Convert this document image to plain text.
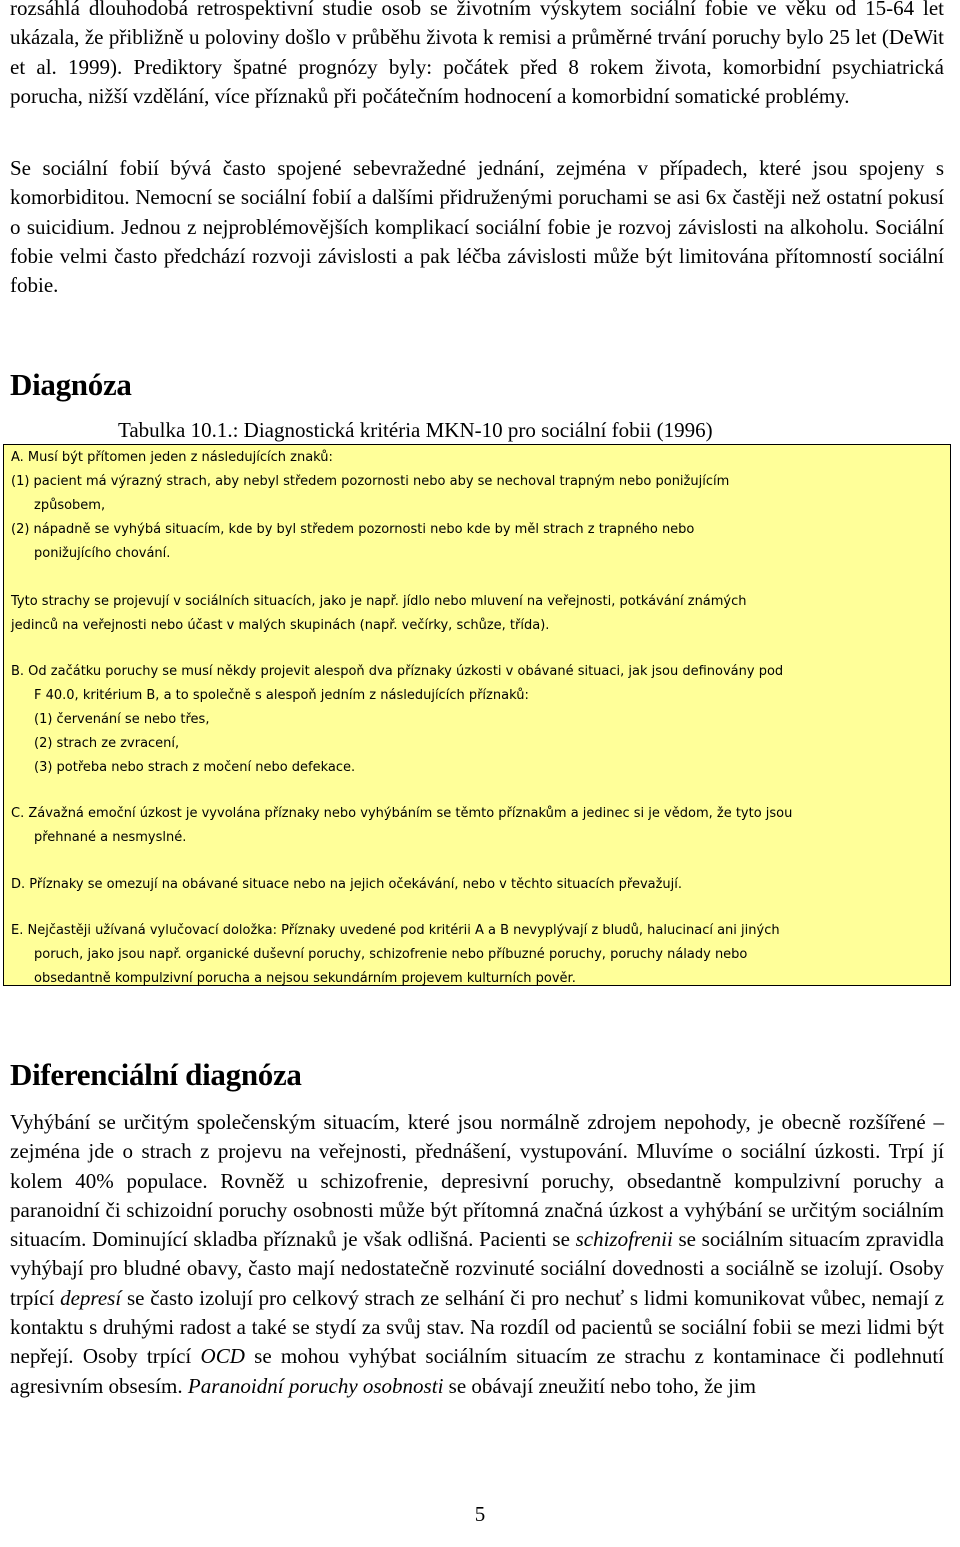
rozsáhlá dlouhodobá retrospektivní studie osob se životním výskytem sociální fobie ve věku od 15-64 let ukázala, že přibližně u poloviny došlo v průběhu života k remisi a průměrné trvání poruchy bylo 25 let (DeWit et al. 1999). Prediktory špatné prognózy byly: počátek před 8 rokem života, komorbidní psychiatrická porucha, nižší vzdělání, více příznaků při počátečním hodnocení a komorbidní somatické problémy.

Se sociální fobií bývá často spojené sebevražedné jednání, zejména v případech, které jsou spojeny s komorbiditou. Nemocní se sociální fobií a dalšími přidruženými poruchami se asi 6x častěji než ostatní pokusí o suicidium. Jednou z nejproblémovějších komplikací sociální fobie je rozvoj závislosti na alkoholu. Sociální fobie velmi často předchází rozvoji závislosti a pak léčba závislosti může být limitována přítomností sociální fobie.

Diagnóza

Tabulka 10.1.: Diagnostická kritéria MKN-10 pro sociální fobii (1996)

A. Musí být přítomen jeden z následujících znaků:
(1) pacient má výrazný strach, aby nebyl středem pozornosti nebo aby se nechoval trapným nebo ponižujícím
způsobem,
(2) nápadně se vyhýbá situacím, kde by byl středem pozornosti nebo kde by měl strach z trapného nebo
ponižujícího chování.
Tyto strachy se projevují v sociálních situacích, jako je např. jídlo nebo mluvení na veřejnosti, potkávání známých
jedinců na veřejnosti nebo účast v malých skupinách (např. večírky, schůze, třída).
B. Od začátku poruchy se musí někdy projevit alespoň dva příznaky úzkosti v obávané situaci, jak jsou definovány pod
F 40.0, kritérium B, a to společně s alespoň jedním z následujících příznaků:
(1) červenání se nebo třes,
(2) strach ze zvracení,
(3) potřeba nebo strach z močení nebo defekace.
C. Závažná emoční úzkost je vyvolána příznaky nebo vyhýbáním se těmto příznakům a jedinec si je vědom, že tyto jsou
přehnané a nesmyslné.
D. Příznaky se omezují na obávané situace nebo na jejich očekávání, nebo v těchto situacích převažují.
E. Nejčastěji užívaná vylučovací doložka: Příznaky uvedené pod kritérii A a B nevyplývají z bludů, halucinací ani jiných
poruch, jako jsou např. organické duševní poruchy, schizofrenie nebo příbuzné poruchy, poruchy nálady nebo
obsedantně kompulzivní porucha a nejsou sekundárním projevem kulturních pověr.
Diferenciální diagnóza

Vyhýbání se určitým společenským situacím, které jsou normálně zdrojem nepohody, je obecně rozšířené – zejména jde o strach z projevu na veřejnosti, přednášení, vystupování. Mluvíme o sociální úzkosti. Trpí jí kolem 40% populace. Rovněž u schizofrenie, depresivní poruchy, obsedantně kompulzivní poruchy a paranoidní či schizoidní poruchy osobnosti může být přítomná značná úzkost a vyhýbání se určitým sociálním situacím. Dominující skladba příznaků je však odlišná. Pacienti se schizofrenii se sociálním situacím zpravidla vyhýbají pro bludné obavy, často mají nedostatečně rozvinuté sociální dovednosti a sociálně se izolují. Osoby trpící depresí se často izolují pro celkový strach ze selhání či pro nechuť s lidmi komunikovat vůbec, nemají z kontaktu s druhými radost a také se stydí za svůj stav. Na rozdíl od pacientů se sociální fobii se mezi lidmi být nepřejí. Osoby trpící OCD se mohou vyhýbat sociálním situacím ze strachu z kontaminace či podlehnutí agresivním obsesím. Paranoidní poruchy osobnosti se obávají zneužití nebo toho, že jim

5
